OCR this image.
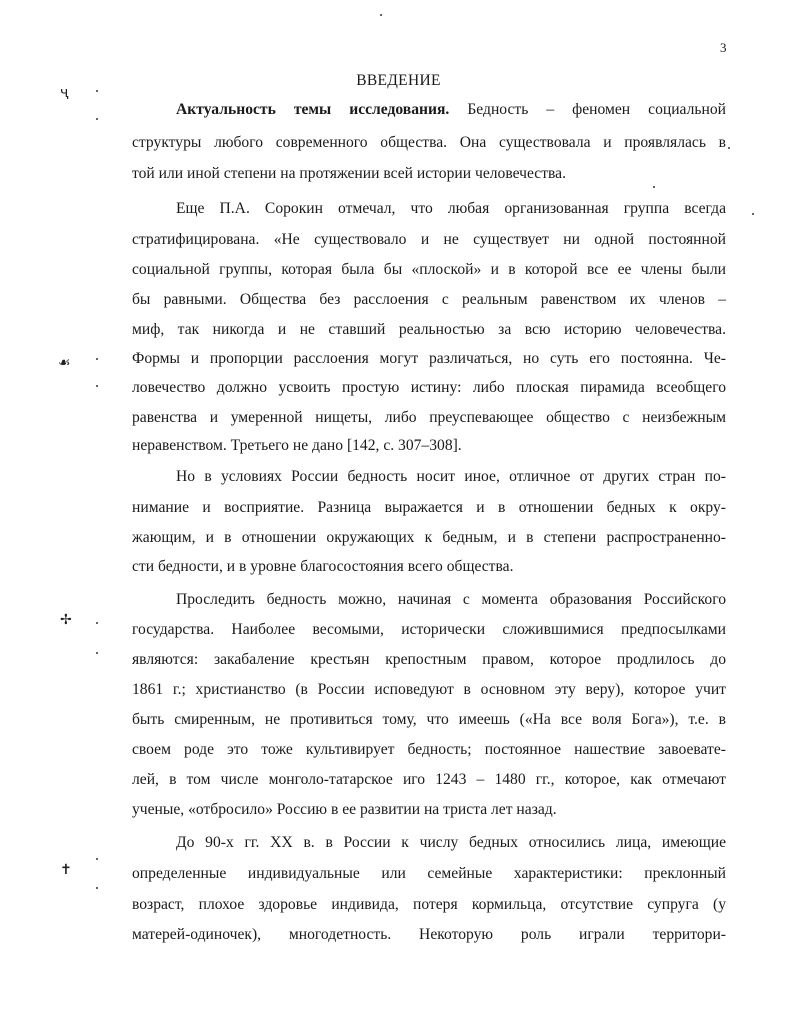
3
ВВЕДЕНИЕ
Актуальность темы исследования. Бедность – феномен социальной
структуры любого современного общества. Она существовала и проявлялась в
той или иной степени на протяжении всей истории человечества.
Еще П.А. Сорокин отмечал, что любая организованная группа всегда
стратифицирована. «Не существовало и не существует ни одной постоянной
социальной группы, которая была бы «плоской» и в которой все ее члены были
бы равными. Общества без расслоения с реальным равенством их членов –
миф, так никогда и не ставший реальностью за всю историю человечества.
Формы и пропорции расслоения могут различаться, но суть его постоянна. Че-
ловечество должно усвоить простую истину: либо плоская пирамида всеобщего
равенства и умеренной нищеты, либо преуспевающее общество с неизбежным
неравенством. Третьего не дано [142, с. 307–308].
Но в условиях России бедность носит иное, отличное от других стран по-
нимание и восприятие. Разница выражается и в отношении бедных к окру-
жающим, и в отношении окружающих к бедным, и в степени распространенно-
сти бедности, и в уровне благосостояния всего общества.
Проследить бедность можно, начиная с момента образования Российского
государства. Наиболее весомыми, исторически сложившимися предпосылками
являются: закабаление крестьян крепостным правом, которое продлилось до
1861 г.; христианство (в России исповедуют в основном эту веру), которое учит
быть смиренным, не противиться тому, что имеешь («На все воля Бога»), т.е. в
своем роде это тоже культивирует бедность; постоянное нашествие завоевате-
лей, в том числе монголо-татарское иго 1243 – 1480 гг., которое, как отмечают
ученые, «отбросило» Россию в ее развитии на триста лет назад.
До 90-х гг. XX в. в России к числу бедных относились лица, имеющие
определенные индивидуальные или семейные характеристики: преклонный
возраст, плохое здоровье индивида, потеря кормильца, отсутствие супруга (у
матерей-одиночек), многодетность. Некоторую роль играли территори-
ҷ
☙
✢
✝
